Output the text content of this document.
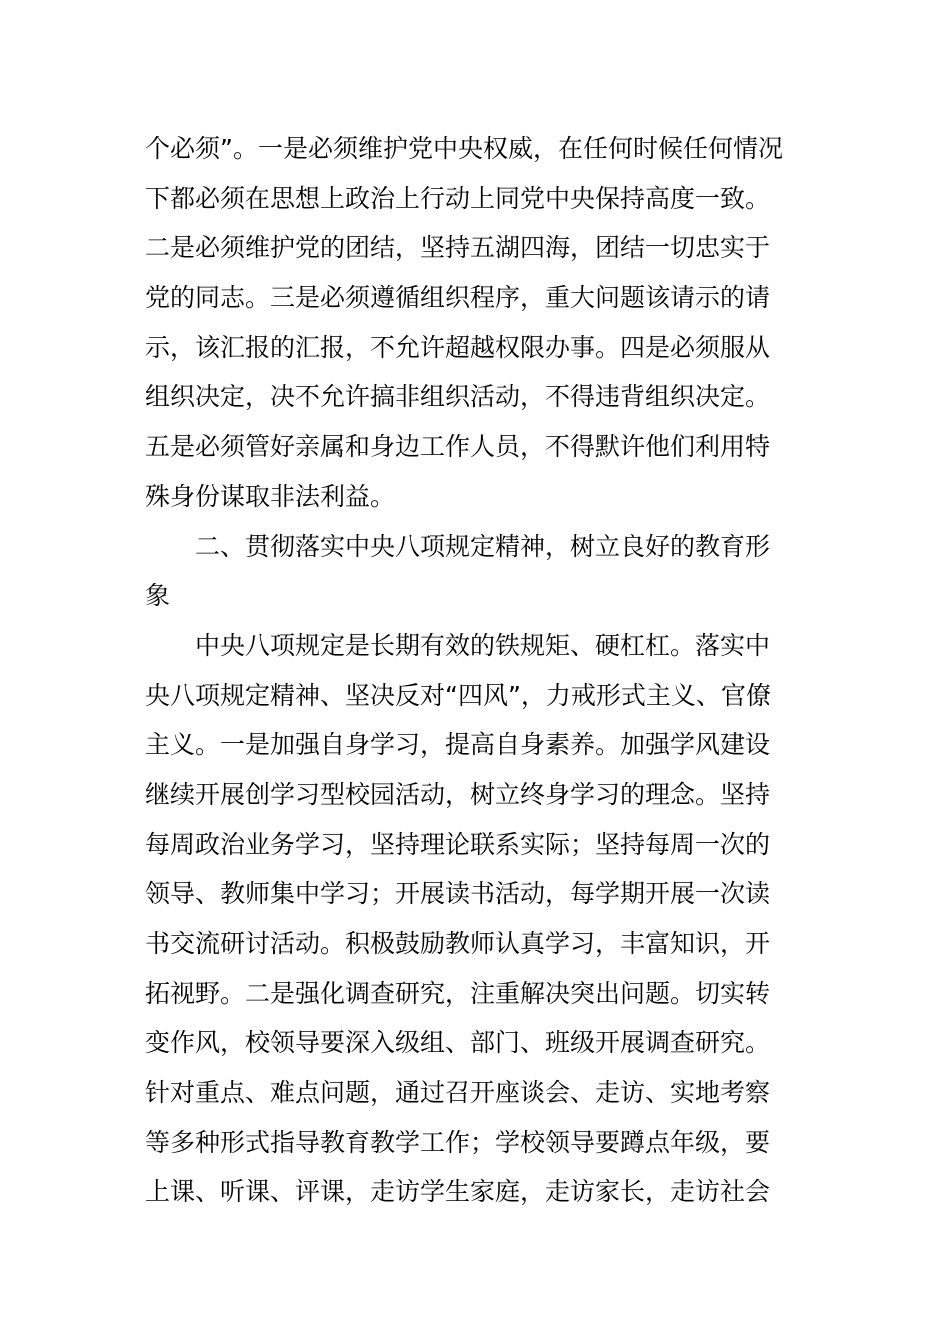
个必须”。一是必须维护党中央权威，在任何时候任何情况
下都必须在思想上政治上行动上同党中央保持高度一致。
二是必须维护党的团结，坚持五湖四海，团结一切忠实于
党的同志。三是必须遵循组织程序，重大问题该请示的请
示，该汇报的汇报，不允许超越权限办事。四是必须服从
组织决定，决不允许搞非组织活动，不得违背组织决定。
五是必须管好亲属和身边工作人员，不得默许他们利用特
殊身份谋取非法利益。
二、贯彻落实中央八项规定精神，树立良好的教育形
象
中央八项规定是长期有效的铁规矩、硬杠杠。落实中
央八项规定精神、坚决反对“四风”，力戒形式主义、官僚
主义。一是加强自身学习，提高自身素养。加强学风建设
继续开展创学习型校园活动，树立终身学习的理念。坚持
每周政治业务学习，坚持理论联系实际；坚持每周一次的
领导、教师集中学习；开展读书活动，每学期开展一次读
书交流研讨活动。积极鼓励教师认真学习，丰富知识，开
拓视野。二是强化调查研究，注重解决突出问题。切实转
变作风，校领导要深入级组、部门、班级开展调查研究。
针对重点、难点问题，通过召开座谈会、走访、实地考察
等多种形式指导教育教学工作；学校领导要蹲点年级，要
上课、听课、评课，走访学生家庭，走访家长，走访社会
